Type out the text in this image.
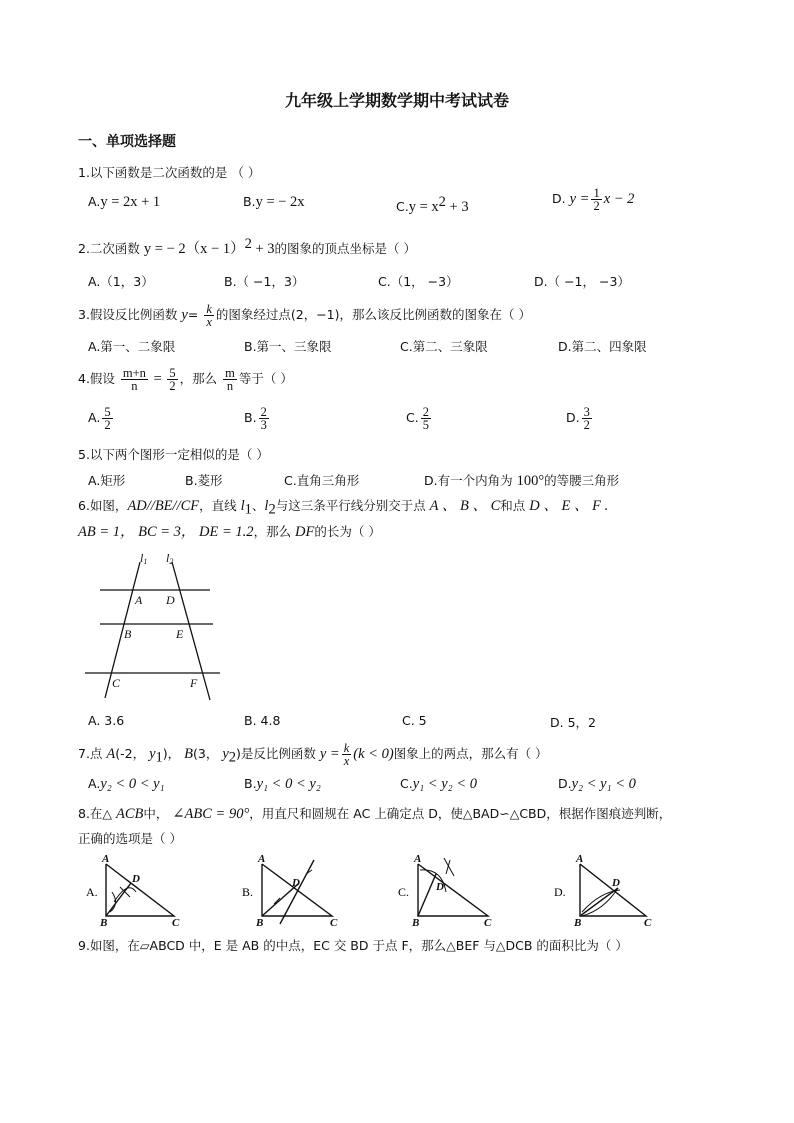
九年级上学期数学期中考试试卷
一、单项选择题
1.以下函数是二次函数的是 （ ）
A.y = 2x + 1	B.y = − 2x	$C.y = x^2 + 3$
D. $y = \frac{1}{2}$ x − 2
2.二次函数 y = − $2(x - 1)^2 + 3$的图象的顶点坐标是（ ）
A.（1，3）	B.（ −1，3）	C.（1， −3）	D.（ −1， −3）
3.假设反比例函数 $y= \frac{k}{x}$ 的图象经过点(2，−1)，那么该反比例函数的图象在（ ）
A.第一、二象限	B.第一、三象限	C.第二、三象限	D.第二、四象限
4.假设 $\frac{m+n}{n} = \frac{5}{2}$ ，那么 $\frac{m}{n}$ 等于（ ）
A. $\frac{5}{2}$	B. $\frac{2}{3}$	C. $\frac{2}{5}$	D. $\frac{3}{2}$
5.以下两个图形一定相似的是（ ）
A.矩形	B.菱形	C.直角三角形	D.有一个内角为 100°的等腰三角形
6.如图，AD//BE//CF，直线 $l_1$、$l_2$与这三条平行线分别交于点 A 、 B 、 C和点 D 、 E 、 F .
AB = 1， BC = 3， DE = 1.2，那么 DF的长为（ ）
l1 l2
A D
B	E
C	F
A. 3.6	B. 4.8	C. 5	D. 5，2
7.点 A(-2， $y_1$)， B(3， $y_2$)是反比例函数 $y = \frac{k}{x} (k < 0)$图象上的两点，那么有（ ）
A.y₂ < 0 < y₁	B.y₁ < 0 < y₂	C.y₁ < y₂ < 0	D.y₂ < y₁ < 0
8.在△ ACB中， ∠ABC = 90°，用直尺和圆规在 AC 上确定点 D，使△BAD∽△CBD，根据作图痕迹判断，
正确的选项是（ ）
A.
A
B	C
D
B.
A
B	C
D
C.
A
B	C
D	D.
A
B	C
D
9.如图，在▱ABCD 中，E 是 AB 的中点，EC 交 BD 于点 F，那么△BEF 与△DCB 的面积比为（ ）
